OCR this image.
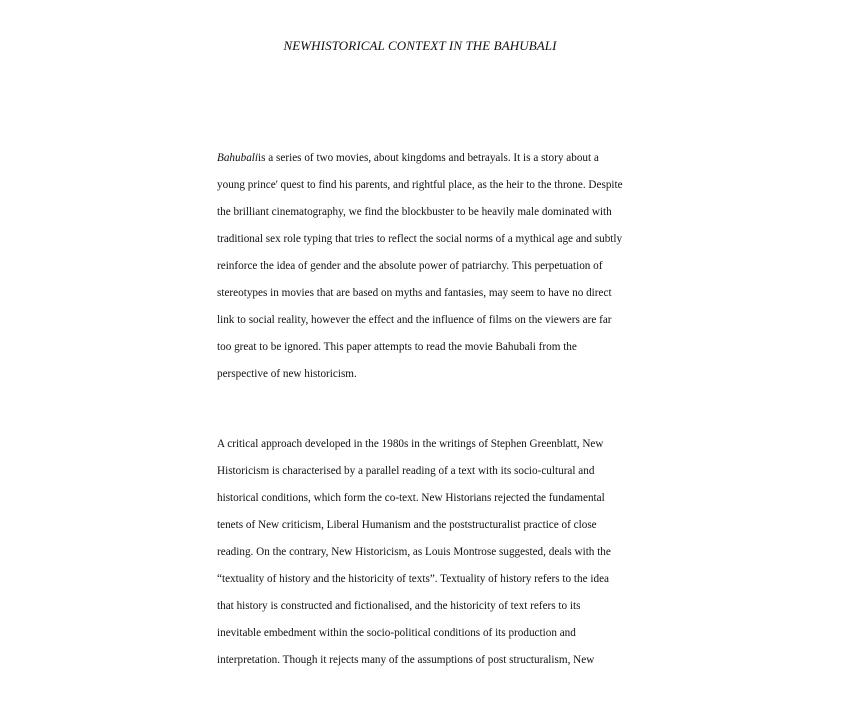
NEWHISTORICAL CONTEXT IN THE BAHUBALI
Bahubaliis a series of two movies, about kingdoms and betrayals. It is a story about a
young prince' quest to find his parents, and rightful place, as the heir to the throne. Despite
the brilliant cinematography, we find the blockbuster to be heavily male dominated with
traditional sex role typing that tries to reflect the social norms of a mythical age and subtly
reinforce the idea of gender and the absolute power of patriarchy. This perpetuation of
stereotypes in movies that are based on myths and fantasies, may seem to have no direct
link to social reality, however the effect and the influence of films on the viewers are far
too great to be ignored. This paper attempts to read the movie Bahubali from the
perspective of new historicism.
A critical approach developed in the 1980s in the writings of Stephen Greenblatt, New
Historicism is characterised by a parallel reading of a text with its socio-cultural and
historical conditions, which form the co-text. New Historians rejected the fundamental
tenets of New criticism, Liberal Humanism and the poststructuralist practice of close
reading. On the contrary, New Historicism, as Louis Montrose suggested, deals with the
“textuality of history and the historicity of texts”. Textuality of history refers to the idea
that history is constructed and fictionalised, and the historicity of text refers to its
inevitable embedment within the socio-political conditions of its production and
interpretation. Though it rejects many of the assumptions of post structuralism, New
